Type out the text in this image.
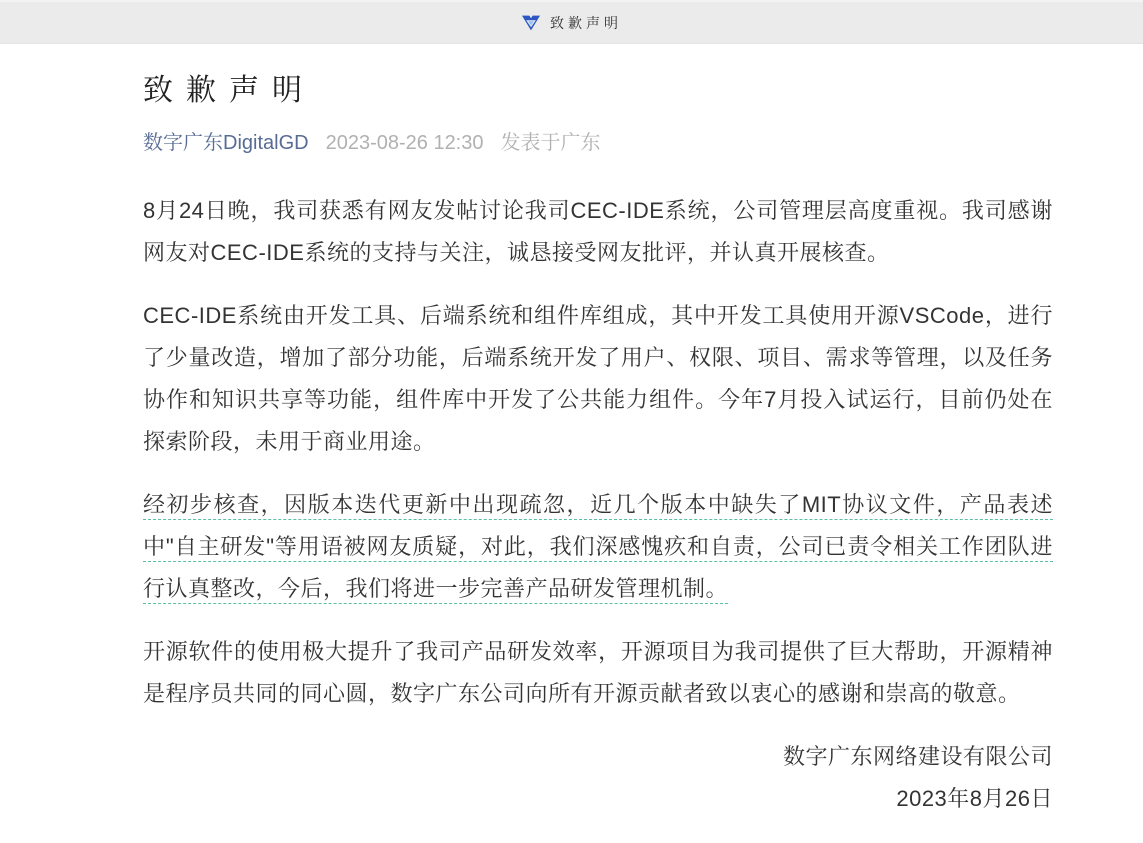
致歉声明
致歉声明
数字广东DigitalGD 2023-08-26 12:30 发表于广东

8月24日晚，我司获悉有网友发帖讨论我司CEC-IDE系统，公司管理层高度重视。我司感谢网友对CEC-IDE系统的支持与关注，诚恳接受网友批评，并认真开展核查。

CEC-IDE系统由开发工具、后端系统和组件库组成，其中开发工具使用开源VSCode，进行了少量改造，增加了部分功能，后端系统开发了用户、权限、项目、需求等管理，以及任务协作和知识共享等功能，组件库中开发了公共能力组件。今年7月投入试运行，目前仍处在探索阶段，未用于商业用途。

经初步核查，因版本迭代更新中出现疏忽，近几个版本中缺失了MIT协议文件，产品表述中"自主研发"等用语被网友质疑，对此，我们深感愧疚和自责，公司已责令相关工作团队进行认真整改，今后，我们将进一步完善产品研发管理机制。

开源软件的使用极大提升了我司产品研发效率，开源项目为我司提供了巨大帮助，开源精神是程序员共同的同心圆，数字广东公司向所有开源贡献者致以衷心的感谢和崇高的敬意。

数字广东网络建设有限公司
2023年8月26日
